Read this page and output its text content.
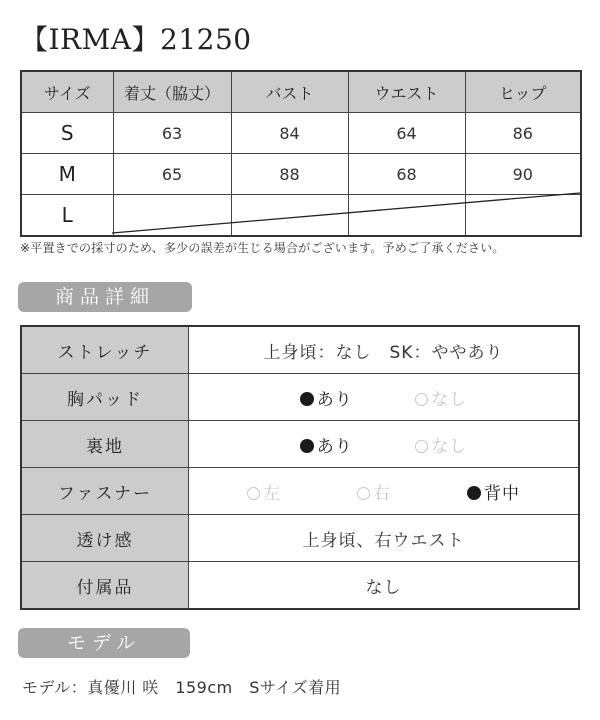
【IRMA】21250
サイズ	着丈（脇丈）	バスト	ウエスト	ヒップ
S	63	84	64	86
M	65	88	68	90
L				
※平置きでの採寸のため、多少の誤差が生じる場合がございます。予めご了承ください。
商品詳細
ストレッチ	上身頃：なし　SK：ややあり
胸パッド	あり なし
裏地	あり なし
ファスナー	左 右 背中

透け感	上身頃、右ウエスト
付属品	なし
モデル
モデル：真優川 咲　159cm　Sサイズ着用
